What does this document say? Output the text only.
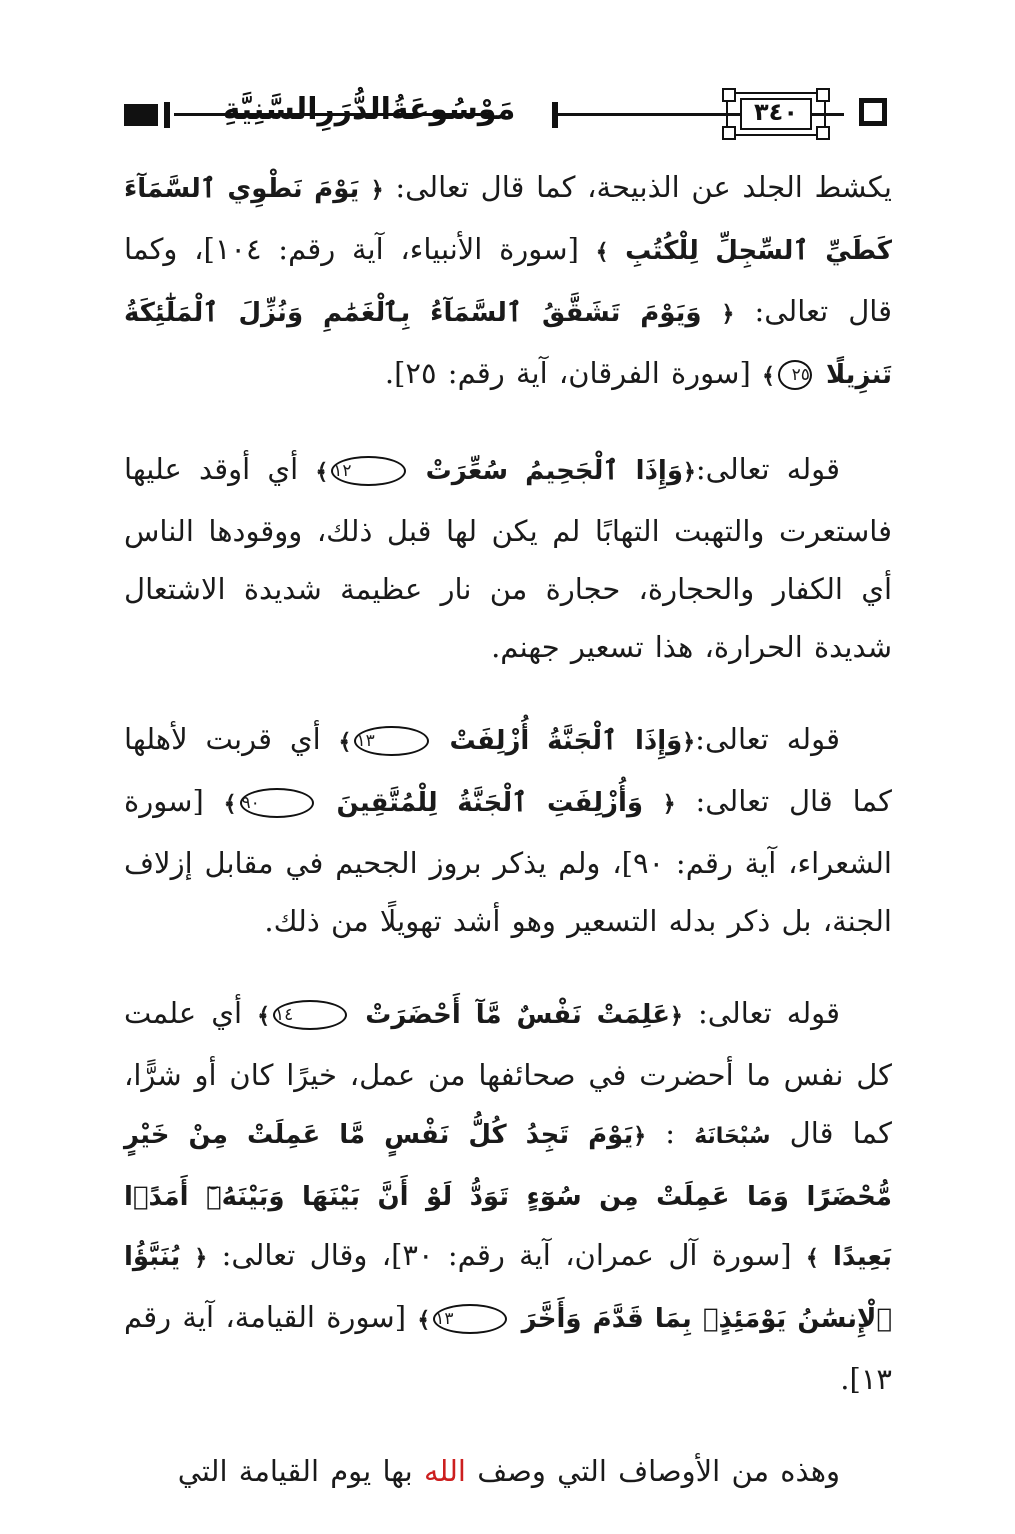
مَوْسُوعَةُالدُّرَرِالسَّنِيَّةِ	٣٤٠

يكشط الجلد عن الذبيحة، كما قال تعالى: ﴿ يَوْمَ نَطْوِي ٱلسَّمَآءَ كَطَيِّ ٱلسِّجِلِّ لِلْكُتُبِ ﴾ [سورة الأنبياء، آية رقم: ١٠٤]، وكما قال تعالى: ﴿ وَيَوْمَ تَشَقَّقُ ٱلسَّمَآءُ بِٱلْغَمَٰمِ وَنُزِّلَ ٱلْمَلَٰٓئِكَةُ تَنزِيلًا ٢٥﴾ [سورة الفرقان، آية رقم: ٢٥].

قوله تعالى:﴿وَإِذَا ٱلْجَحِيمُ سُعِّرَتْ ١٢﴾ أي أوقد عليها فاستعرت والتهبت التهابًا لم يكن لها قبل ذلك، ووقودها الناس أي الكفار والحجارة، حجارة من نار عظيمة شديدة الاشتعال شديدة الحرارة، هذا تسعير جهنم.

قوله تعالى:﴿وَإِذَا ٱلْجَنَّةُ أُزْلِفَتْ ١٣﴾ أي قربت لأهلها كما قال تعالى: ﴿ وَأُزْلِفَتِ ٱلْجَنَّةُ لِلْمُتَّقِينَ ٩٠﴾ [سورة الشعراء، آية رقم: ٩٠]، ولم يذكر بروز الجحيم في مقابل إزلاف الجنة، بل ذكر بدله التسعير وهو أشد تهويلًا من ذلك.

قوله تعالى: ﴿عَلِمَتْ نَفْسٌ مَّآ أَحْضَرَتْ ١٤﴾ أي علمت كل نفس ما أحضرت في صحائفها من عمل، خيرًا كان أو شرًّا، كما قال سُبْحَانَهُ : ﴿يَوْمَ تَجِدُ كُلُّ نَفْسٍ مَّا عَمِلَتْ مِنْ خَيْرٍ مُّحْضَرًا وَمَا عَمِلَتْ مِن سُوٓءٍ تَوَدُّ لَوْ أَنَّ بَيْنَهَا وَبَيْنَهُۥٓ أَمَدًۢا بَعِيدًا ﴾ [سورة آل عمران، آية رقم: ٣٠]، وقال تعالى: ﴿ يُنَبَّؤُا ٱلْإِنسَٰنُ يَوْمَئِذٍۭ بِمَا قَدَّمَ وَأَخَّرَ ١٣﴾ [سورة القيامة، آية رقم ١٣].

وهذه من الأوصاف التي وصف الله بها يوم القيامة التي
